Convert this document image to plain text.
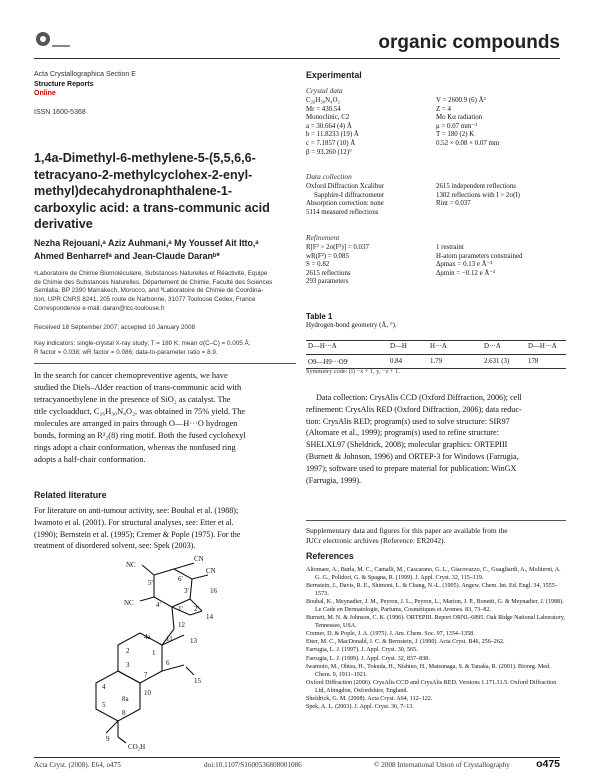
organic compounds
Acta Crystallographica Section E
Structure Reports
Online
ISSN 1600-5368
1,4a-Dimethyl-6-methylene-5-(5,5,6,6-
tetracyano-2-methylcyclohex-2-enyl-
methyl)decahydronaphthalene-1-
carboxylic acid: a trans-communic acid
derivative
Nezha Rejouani,ᵃ Aziz Auhmani,ᵃ My Youssef Ait Itto,ᵃ
Ahmed Benharrefᵃ and Jean-Claude Daranᵇ*
ᵃLaboratoire de Chimie Biomoléculaire, Substances Naturelles et Réactivité, Equipe
de Chimie des Substances Naturelles, Département de Chimie, Faculté des Sciences
Semlalia, BP 2390 Marrakech, Morocco, and ᵇLaboratoire de Chimie de Coordina-
tion, UPR CNRS 8241, 205 route de Narbonne, 31077 Toulouse Cedex, France
Correspondence e-mail: daran@lcc-toulouse.fr
Received 18 September 2007; accepted 10 January 2008
Key indicators: single-crystal X-ray study; T = 180 K; mean σ(C–C) = 0.005 Å;
R factor = 0.038; wR factor = 0.086; data-to-parameter ratio = 8.9.
In the search for cancer chemopreventive agents, we have
studied the Diels–Alder reaction of trans-communic acid with
tetracyanoethylene in the presence of SiO₂ as catalyst. The
title cycloadduct, C₂₆H₃₀N₄O₂, was obtained in 75% yield. The
molecules are arranged in pairs through O—H···O hydrogen
bonds, forming an R²₂(8) ring motif. Both the fused cyclohexyl
rings adopt a chair conformation, whereas the nonfused ring
adopts a half-chair conformation.
Related literature
For literature on anti-tumour activity, see: Bouhal et al. (1988);
Iwamoto et al. (2001). For structural analyses, see: Etter et al.
(1990); Bernstein et al. (1995); Cremer & Pople (1975). For the
treatment of disordered solvent, see: Spek (2003).
NC
CN
NC
CN
5'	6'
4' 1'
3'
2'
12
13
14
15
16
11
1
2
3
4
5
6
7
8
9
10
8a
4a
CO₂H
Experimental
Crystal data
C₂₆H₃₀N₄O₂
Mr = 430.54
Monoclinic, C2
a = 30.664 (4) Å
b = 11.8233 (19) Å
c = 7.1857 (10) Å
β = 93.260 (12)°
V = 2600.9 (6) Å³
Z = 4
Mo Kα radiation
μ = 0.07 mm⁻¹
T = 180 (2) K
0.52 × 0.08 × 0.07 mm
Data collection
Oxford Diffraction Xcalibur
Sapphire-I diffractometer
Absorption correction: none
5114 measured reflections
2615 independent reflections
1302 reflections with I > 2σ(I)
Rint = 0.037
Refinement
R[F² > 2σ(F²)] = 0.037
wR(F²) = 0.085
S = 0.82
2615 reflections
293 parameters
1 restraint
H-atom parameters constrained
Δρmax = 0.13 e Å⁻³
Δρmin = −0.12 e Å⁻³
Table 1
Hydrogen-bond geometry (Å, °).
D—H···A	D—H	H···A	D···A	D—H···A
O9—H9···O9ⁱ	0.84	1.79	2.631 (3)	178
Symmetry code: (i) −x + 1, y, −z + 1.
Data collection: CrysAlis CCD (Oxford Diffraction, 2006); cell
refinement: CrysAlis RED (Oxford Diffraction, 2006); data reduc-
tion: CrysAlis RED; program(s) used to solve structure: SIR97
(Altomare et al., 1999); program(s) used to refine structure:
SHELXL97 (Sheldrick, 2008); molecular graphics: ORTEPIII
(Burnett & Johnson, 1996) and ORTEP-3 for Windows (Farrugia,
1997); software used to prepare material for publication: WinGX
(Farrugia, 1999).
Supplementary data and figures for this paper are available from the
IUCr electronic archives (Reference: ER2042).
References

Altomare, A., Burla, M. C., Camalli, M., Cascarano, G. L., Giacovazzo, C., Guagliardi, A., Moliterni, A. G. G., Polidori, G. & Spagna, R. (1999). J. Appl. Cryst. 32, 115–119.

Bernstein, J., Davis, R. E., Shimoni, L. & Chang, N.-L. (1995). Angew. Chem. Int. Ed. Engl. 34, 1555–1573.

Bouhal, K., Meynadier, J. M., Peyron, J. L., Peyron, L., Marion, J. P., Bonetti, G. & Meynadier, J. (1988). Le Cade en Dermatologie, Parfums, Cosmétiques et Aromes. 83, 73–82.

Burnett, M. N. & Johnson, C. K. (1996). ORTEPIII. Report ORNL-6895. Oak Ridge National Laboratory, Tennessee, USA.

Cremer, D. & Pople, J. A. (1975). J. Am. Chem. Soc. 97, 1354–1358.

Etter, M. C., MacDonald, J. C. & Bernstein, J. (1990). Acta Cryst. B46, 256–262.

Farrugia, L. J. (1997). J. Appl. Cryst. 30, 565.

Farrugia, L. J. (1999). J. Appl. Cryst. 32, 837–838.

Iwamoto, M., Ohtsu, H., Tokuda, H., Nishino, H., Matsunaga, S. & Tanaka, R. (2001). Bioorg. Med. Chem. 9, 1911–1921.

Oxford Diffraction (2006). CrysAlis CCD and CrysAlis RED. Versions 1.171.31.5. Oxford Diffraction Ltd, Abingdon, Oxfordshire, England.

Sheldrick, G. M. (2008). Acta Cryst. A64, 112–122.

Spek, A. L. (2003). J. Appl. Cryst. 36, 7–13.

Acta Cryst. (2008). E64, o475	doi:10.1107/S1600536808001086	© 2008 International Union of Crystallography	o475
